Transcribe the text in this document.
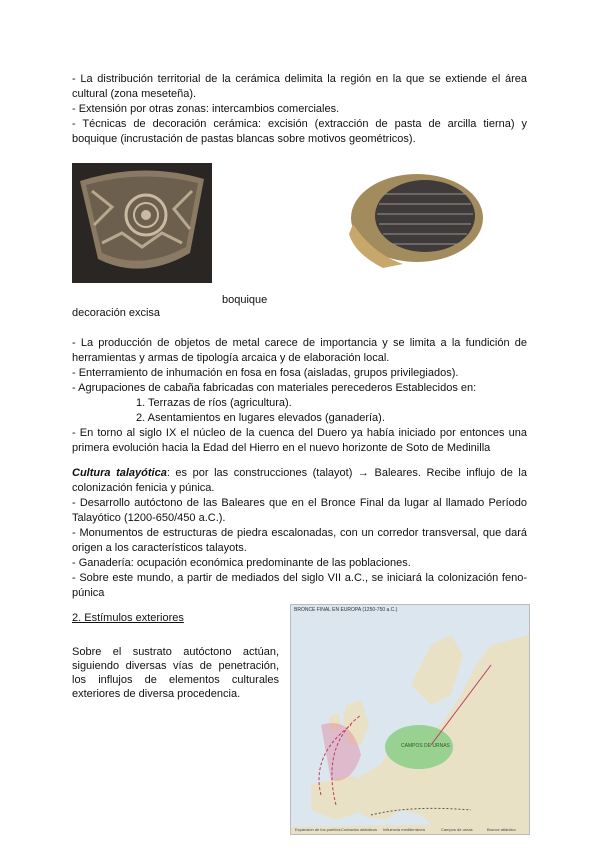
- La distribución territorial de la cerámica delimita la región en la que se extiende el área cultural (zona meseteña).

- Extensión por otras zonas: intercambios comerciales.

- Técnicas de decoración cerámica: excisión (extracción de pasta de arcilla tierna) y boquique (incrustación de pastas blancas sobre motivos geométricos).

boquique
decoración excisa

- La producción de objetos de metal carece de importancia y se limita a la fundición de herramientas y armas de tipología arcaica y de elaboración local.

- Enterramiento de inhumación en fosa en fosa (aisladas, grupos privilegiados).

- Agrupaciones de cabaña fabricadas con materiales perecederos Establecidos en:

1. Terrazas de ríos (agricultura).

2. Asentamientos en lugares elevados (ganadería).

- En torno al siglo IX el núcleo de la cuenca del Duero ya había iniciado por entonces una primera evolución hacia la Edad del Hierro en el nuevo horizonte de Soto de Medinilla

Cultura talayótica: es por las construcciones (talayot) → Baleares. Recibe influjo de la colonización fenicia y púnica.

- Desarrollo autóctono de las Baleares que en el Bronce Final da lugar al llamado Período Talayótico (1200-650/450 a.C.).

- Monumentos de estructuras de piedra escalonadas, con un corredor transversal, que dará origen a los característicos talayots.

- Ganadería: ocupación económica predominante de las poblaciones.

- Sobre este mundo, a partir de mediados del siglo VII a.C., se iniciará la colonización feno-púnica

2. Estímulos exteriores
Sobre el sustrato autóctono actúan, siguiendo diversas vías de penetración, los influjos de elementos culturales exteriores de diversa procedencia.
CAMPOS DE URNAS
BRONCE FINAL EN EUROPA (1250-750 a.C.)
Expansión de los pueblos Contactos atlánticos Influencia mediterránea	Campos de urnas	Bronce atlántico
